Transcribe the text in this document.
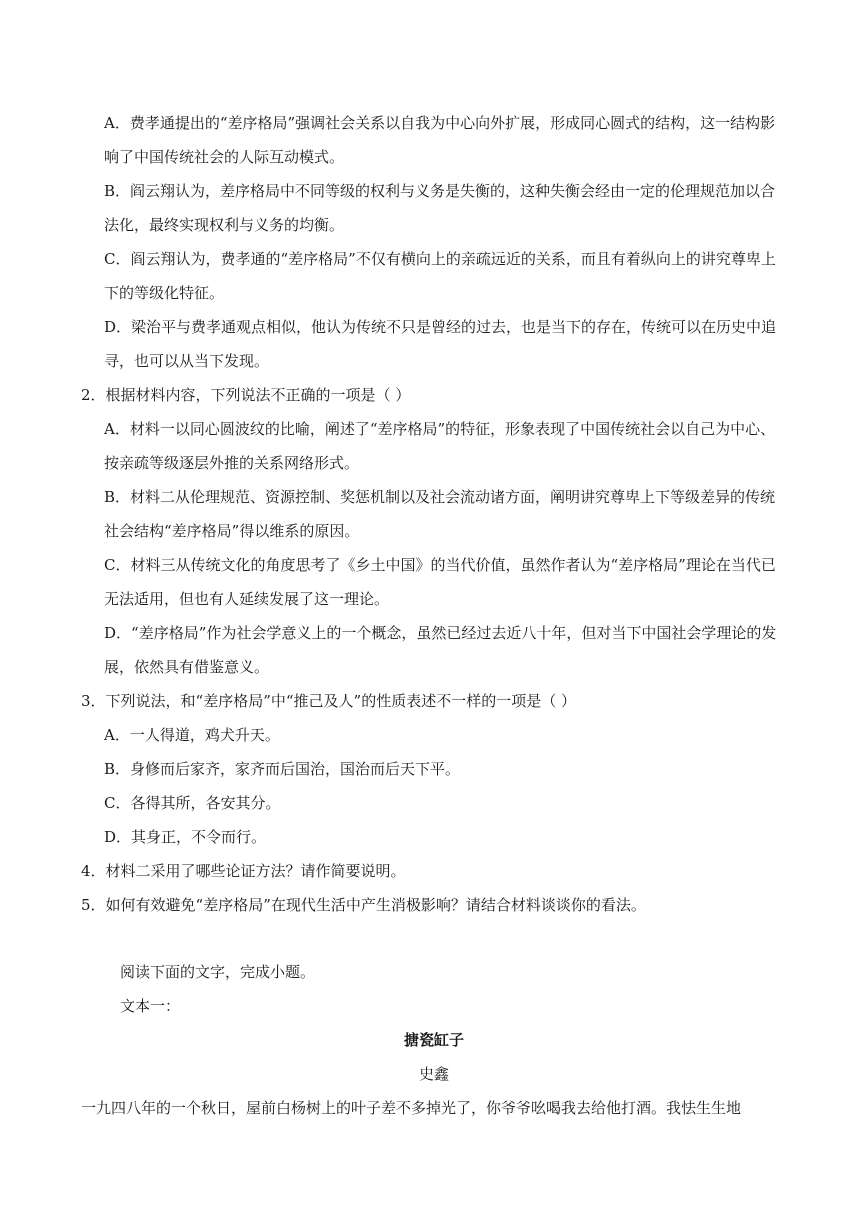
A．费孝通提出的“差序格局”强调社会关系以自我为中心向外扩展，形成同心圆式的结构，这一结构影
响了中国传统社会的人际互动模式。
B．阎云翔认为，差序格局中不同等级的权利与义务是失衡的，这种失衡会经由一定的伦理规范加以合
法化，最终实现权利与义务的均衡。
C．阎云翔认为，费孝通的“差序格局”不仅有横向上的亲疏远近的关系，而且有着纵向上的讲究尊卑上
下的等级化特征。
D．梁治平与费孝通观点相似，他认为传统不只是曾经的过去，也是当下的存在，传统可以在历史中追
寻，也可以从当下发现。
2．根据材料内容，下列说法不正确的一项是（ ）
A．材料一以同心圆波纹的比喻，阐述了“差序格局”的特征，形象表现了中国传统社会以自己为中心、
按亲疏等级逐层外推的关系网络形式。
B．材料二从伦理规范、资源控制、奖惩机制以及社会流动诸方面，阐明讲究尊卑上下等级差异的传统
社会结构“差序格局”得以维系的原因。
C．材料三从传统文化的角度思考了《乡土中国》的当代价值，虽然作者认为“差序格局”理论在当代已
无法适用，但也有人延续发展了这一理论。
D．“差序格局”作为社会学意义上的一个概念，虽然已经过去近八十年，但对当下中国社会学理论的发
展，依然具有借鉴意义。
3．下列说法，和“差序格局”中“推己及人”的性质表述不一样的一项是（ ）
A．一人得道，鸡犬升天。
B．身修而后家齐，家齐而后国治，国治而后天下平。
C．各得其所，各安其分。
D．其身正，不令而行。
4．材料二采用了哪些论证方法？请作简要说明。
5．如何有效避免“差序格局”在现代生活中产生消极影响？请结合材料谈谈你的看法。
阅读下面的文字，完成小题。
文本一：
搪瓷缸子
史鑫
一九四八年的一个秋日，屋前白杨树上的叶子差不多掉光了，你爷爷吆喝我去给他打酒。我怯生生地
